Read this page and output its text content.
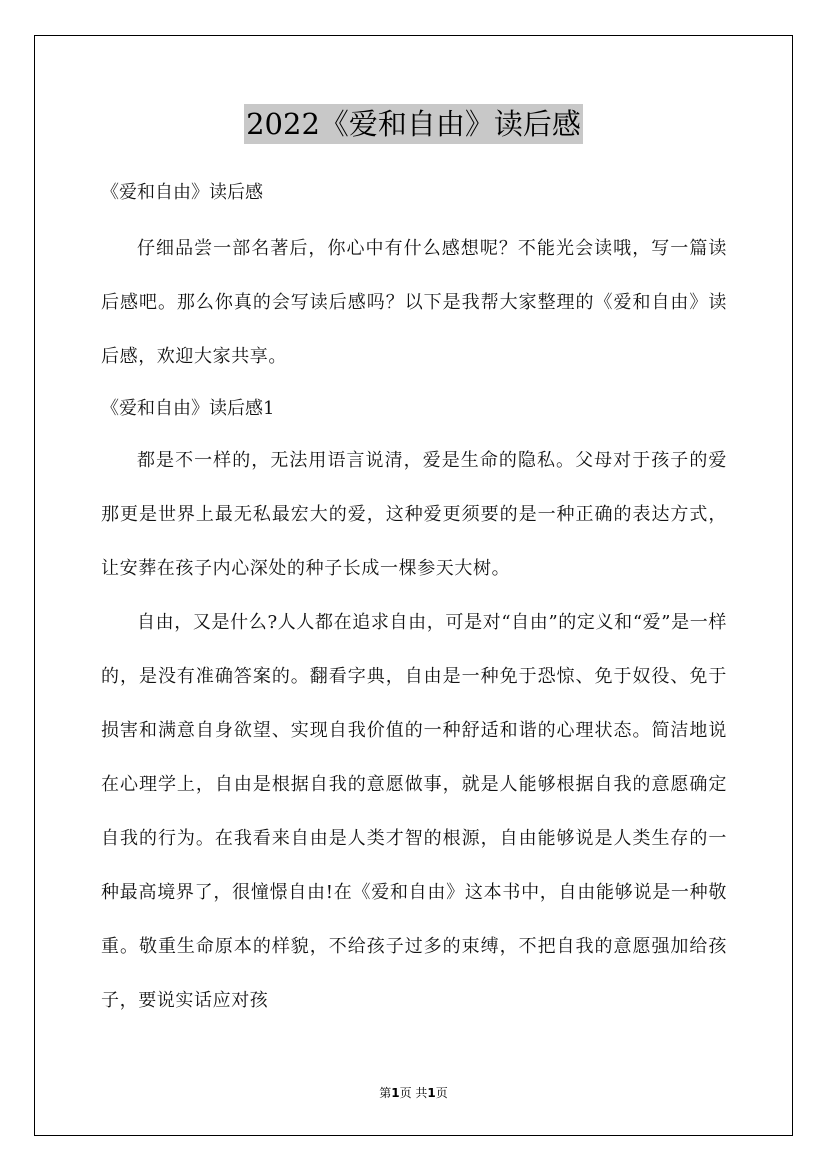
2022《爱和自由》读后感
《爱和自由》读后感

仔细品尝一部名著后，你心中有什么感想呢？不能光会读哦，写一篇读后感吧。那么你真的会写读后感吗？以下是我帮大家整理的《爱和自由》读后感，欢迎大家共享。

《爱和自由》读后感1

都是不一样的，无法用语言说清，爱是生命的隐私。父母对于孩子的爱那更是世界上最无私最宏大的爱，这种爱更须要的是一种正确的表达方式，让安葬在孩子内心深处的种子长成一棵参天大树。

自由，又是什么?人人都在追求自由，可是对“自由”的定义和“爱”是一样的，是没有准确答案的。翻看字典，自由是一种免于恐惊、免于奴役、免于损害和满意自身欲望、实现自我价值的一种舒适和谐的心理状态。简洁地说在心理学上，自由是根据自我的意愿做事，就是人能够根据自我的意愿确定自我的行为。在我看来自由是人类才智的根源，自由能够说是人类生存的一种最高境界了，很憧憬自由!在《爱和自由》这本书中，自由能够说是一种敬重。敬重生命原本的样貌，不给孩子过多的束缚，不把自我的意愿强加给孩子，要说实话应对孩

第1页 共1页
